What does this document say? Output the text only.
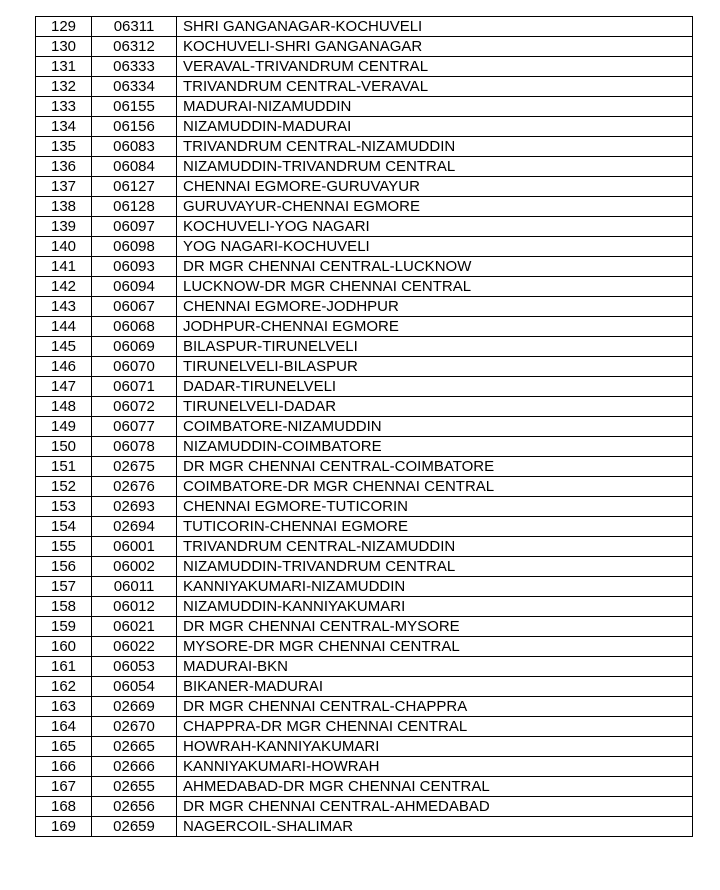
129	06311	SHRI GANGANAGAR-KOCHUVELI
130	06312	KOCHUVELI-SHRI GANGANAGAR
131	06333	VERAVAL-TRIVANDRUM CENTRAL
132	06334	TRIVANDRUM CENTRAL-VERAVAL
133	06155	MADURAI-NIZAMUDDIN
134	06156	NIZAMUDDIN-MADURAI
135	06083	TRIVANDRUM CENTRAL-NIZAMUDDIN
136	06084	NIZAMUDDIN-TRIVANDRUM CENTRAL
137	06127	CHENNAI EGMORE-GURUVAYUR
138	06128	GURUVAYUR-CHENNAI EGMORE
139	06097	KOCHUVELI-YOG NAGARI
140	06098	YOG NAGARI-KOCHUVELI
141	06093	DR MGR CHENNAI CENTRAL-LUCKNOW
142	06094	LUCKNOW-DR MGR CHENNAI CENTRAL
143	06067	CHENNAI EGMORE-JODHPUR
144	06068	JODHPUR-CHENNAI EGMORE
145	06069	BILASPUR-TIRUNELVELI
146	06070	TIRUNELVELI-BILASPUR
147	06071	DADAR-TIRUNELVELI
148	06072	TIRUNELVELI-DADAR
149	06077	COIMBATORE-NIZAMUDDIN
150	06078	NIZAMUDDIN-COIMBATORE
151	02675	DR MGR CHENNAI CENTRAL-COIMBATORE
152	02676	COIMBATORE-DR MGR CHENNAI CENTRAL
153	02693	CHENNAI EGMORE-TUTICORIN
154	02694	TUTICORIN-CHENNAI EGMORE
155	06001	TRIVANDRUM CENTRAL-NIZAMUDDIN
156	06002	NIZAMUDDIN-TRIVANDRUM CENTRAL
157	06011	KANNIYAKUMARI-NIZAMUDDIN
158	06012	NIZAMUDDIN-KANNIYAKUMARI
159	06021	DR MGR CHENNAI CENTRAL-MYSORE
160	06022	MYSORE-DR MGR CHENNAI CENTRAL
161	06053	MADURAI-BKN
162	06054	BIKANER-MADURAI
163	02669	DR MGR CHENNAI CENTRAL-CHAPPRA
164	02670	CHAPPRA-DR MGR CHENNAI CENTRAL
165	02665	HOWRAH-KANNIYAKUMARI
166	02666	KANNIYAKUMARI-HOWRAH
167	02655	AHMEDABAD-DR MGR CHENNAI CENTRAL
168	02656	DR MGR CHENNAI CENTRAL-AHMEDABAD
169	02659	NAGERCOIL-SHALIMAR
